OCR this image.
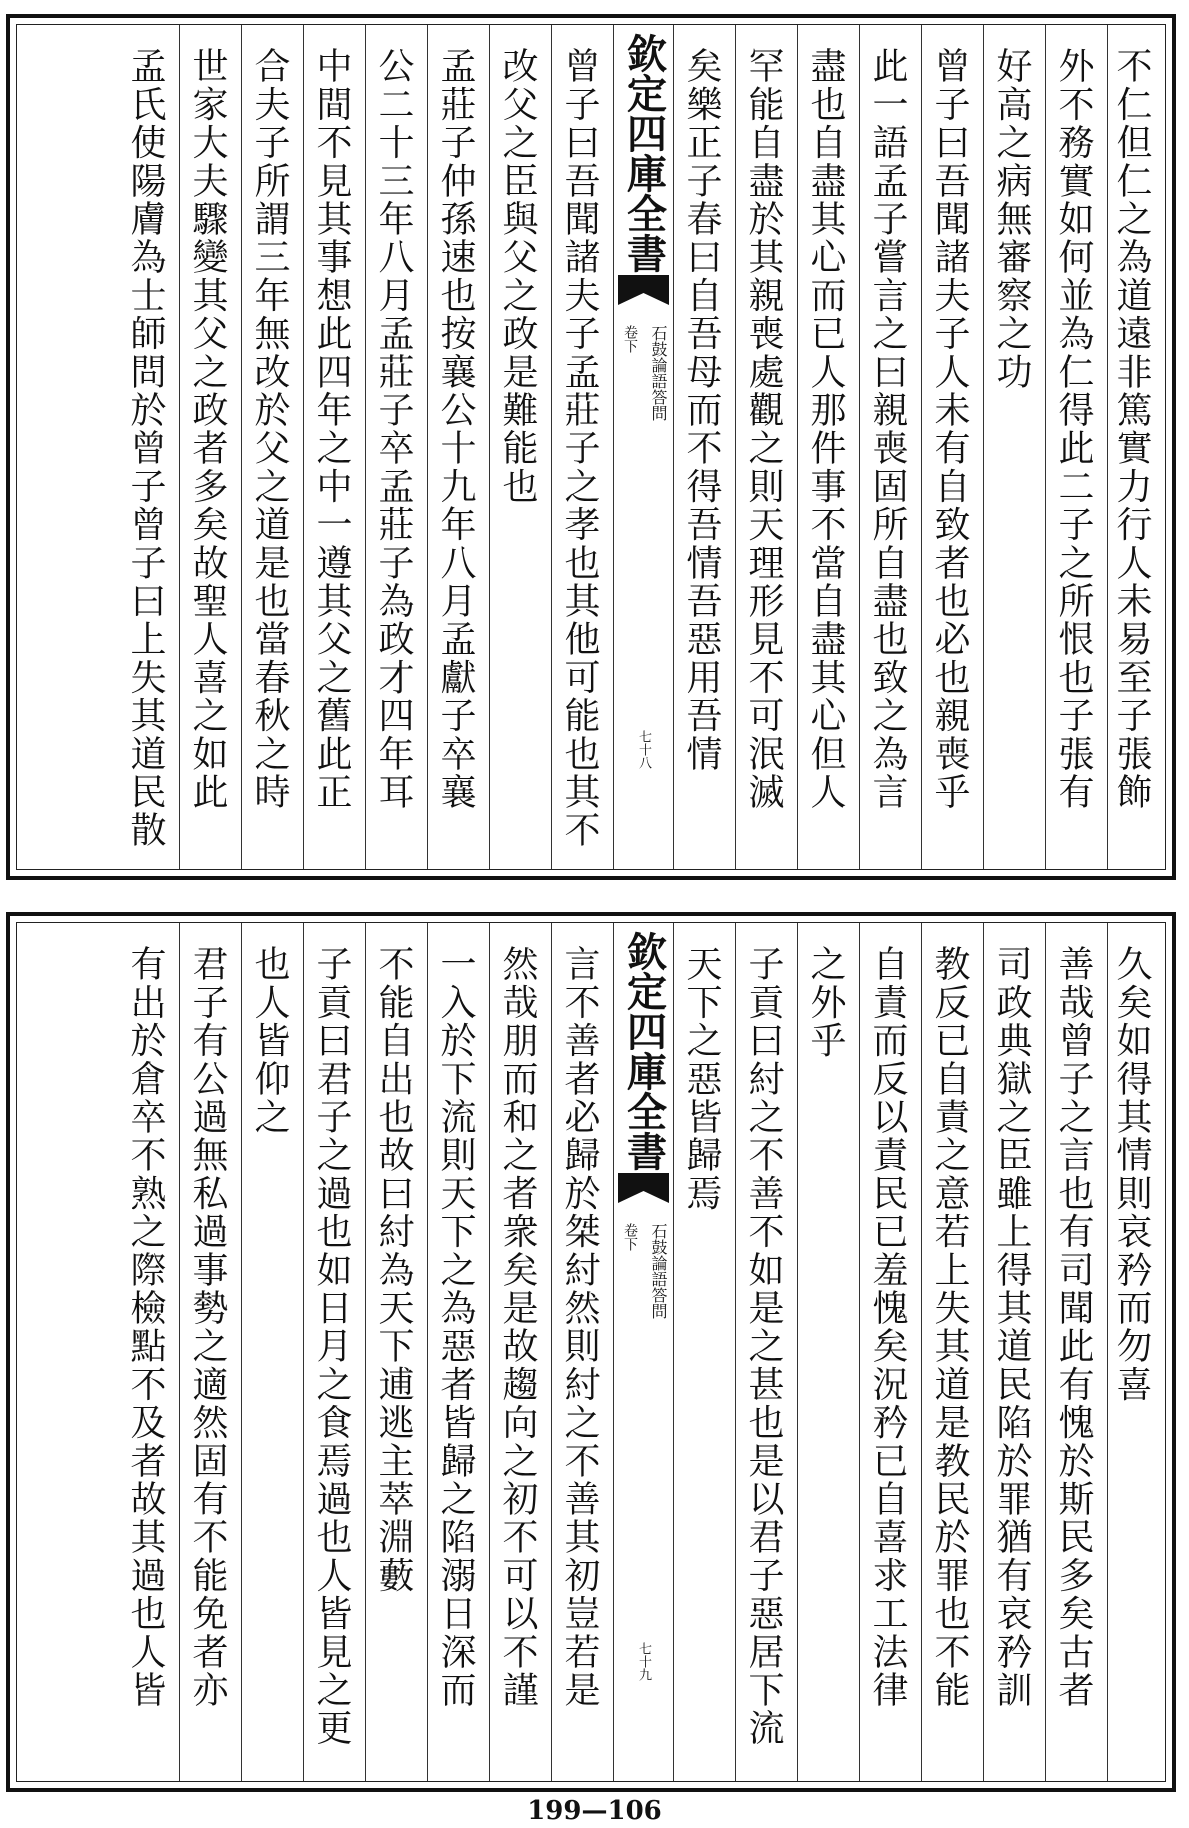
不仁但仁之為道遠非篤實力行人未易至子張飾
外不務實如何並為仁得此二子之所恨也子張有
好高之病無審察之功
曾子曰吾聞諸夫子人未有自致者也必也親喪乎
此一語孟子嘗言之曰親喪固所自盡也致之為言
盡也自盡其心而已人那件事不當自盡其心但人
罕能自盡於其親喪處觀之則天理形見不可泯滅
矣樂正子春曰自吾母而不得吾情吾惡用吾情
欽定四庫全書
石鼓論語答問
卷下
七十八
曾子曰吾聞諸夫子孟莊子之孝也其他可能也其不
改父之臣與父之政是難能也
孟莊子仲孫速也按襄公十九年八月孟獻子卒襄
公二十三年八月孟莊子卒孟莊子為政才四年耳
中間不見其事想此四年之中一遵其父之舊此正
合夫子所謂三年無改於父之道是也當春秋之時
世家大夫驟變其父之政者多矣故聖人喜之如此
孟氏使陽膚為士師問於曾子曾子曰上失其道民散
久矣如得其情則哀矜而勿喜
善哉曾子之言也有司聞此有愧於斯民多矣古者
司政典獄之臣雖上得其道民陷於罪猶有哀矜訓
教反已自責之意若上失其道是教民於罪也不能
自責而反以責民已羞愧矣況矜已自喜求工法律
之外乎
子貢曰紂之不善不如是之甚也是以君子惡居下流
天下之惡皆歸焉
欽定四庫全書
石鼓論語答問
卷下
七十九
言不善者必歸於桀紂然則紂之不善其初豈若是
然哉朋而和之者衆矣是故趨向之初不可以不謹
一入於下流則天下之為惡者皆歸之陷溺日深而
不能自出也故曰紂為天下逋逃主萃淵藪
子貢曰君子之過也如日月之食焉過也人皆見之更
也人皆仰之
君子有公過無私過事勢之適然固有不能免者亦
有出於倉卒不熟之際檢點不及者故其過也人皆
199—106
